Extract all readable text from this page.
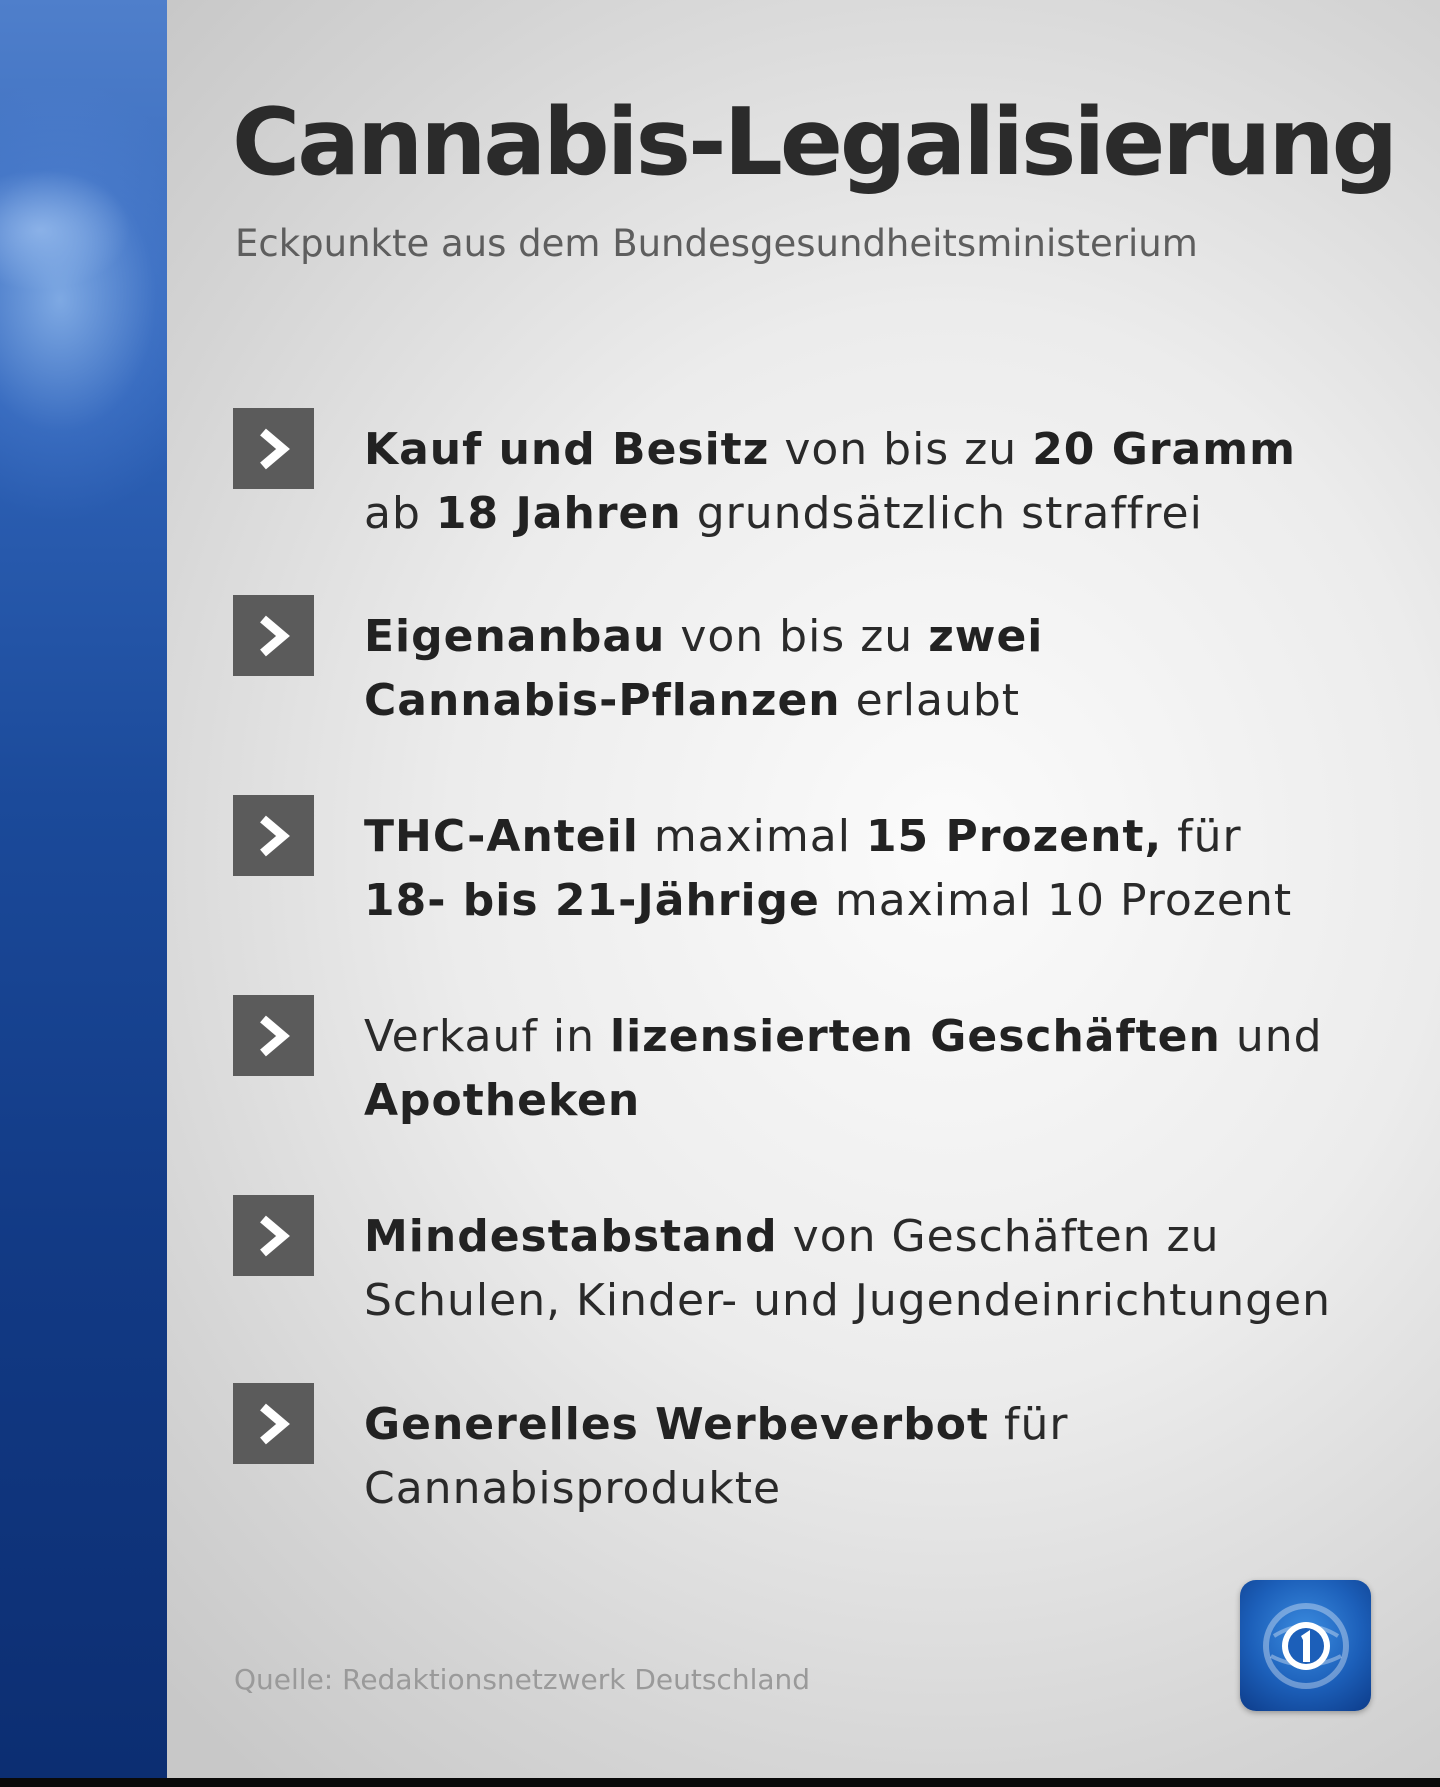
Cannabis-Legalisierung
Eckpunkte aus dem Bundesgesundheitsministerium
Kauf und Besitz von bis zu 20 Gramm
ab 18 Jahren grundsätzlich straffrei
Eigenanbau von bis zu zwei
Cannabis-Pflanzen erlaubt
THC-Anteil maximal 15 Prozent, für
18- bis 21-Jährige maximal 10 Prozent
Verkauf in lizensierten Geschäften und
Apotheken
Mindestabstand von Geschäften zu
Schulen, Kinder- und Jugendeinrichtungen
Generelles Werbeverbot für
Cannabisprodukte
Quelle: Redaktionsnetzwerk Deutschland
